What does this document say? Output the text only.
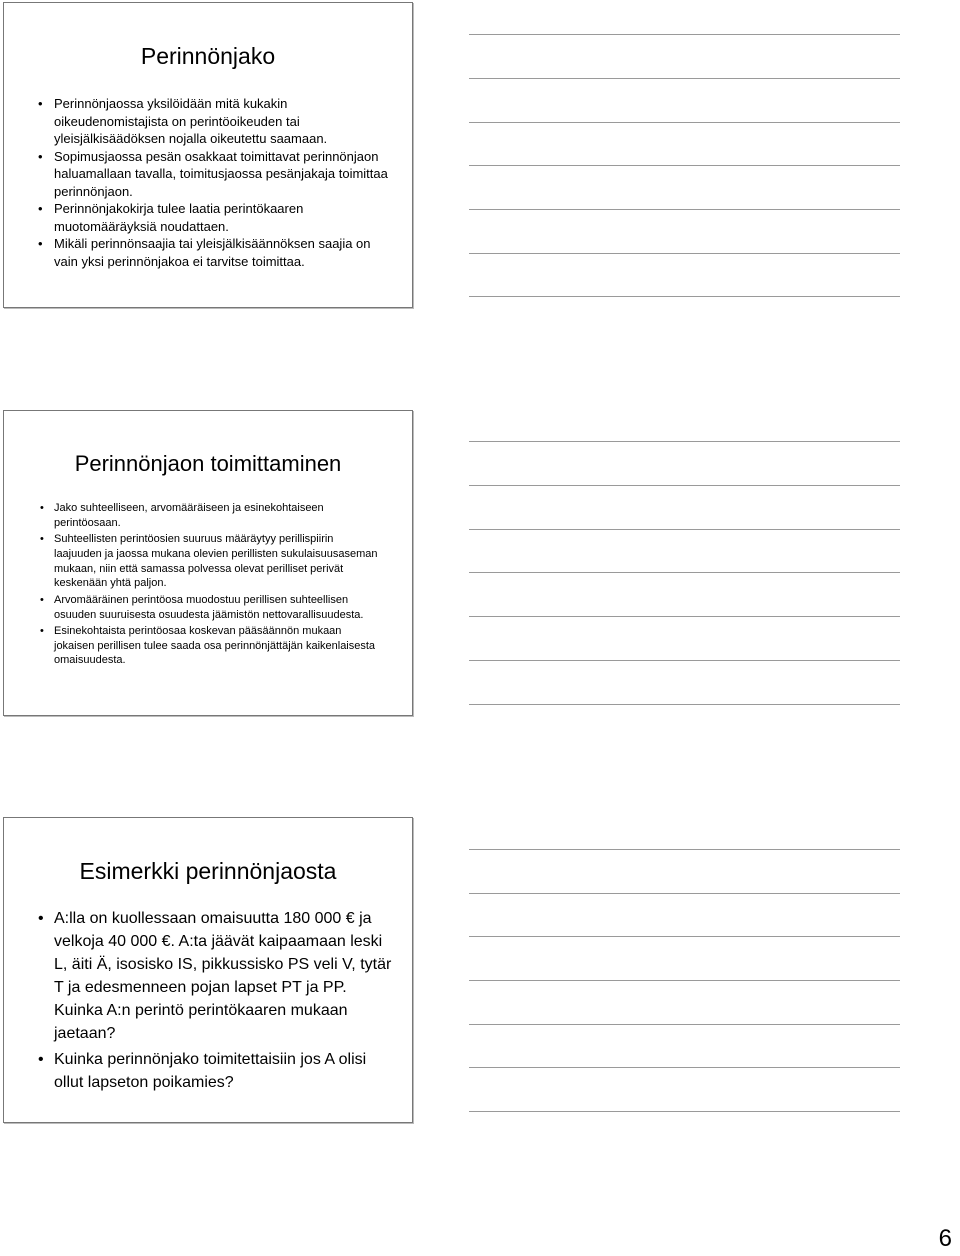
Perinnönjako
• Perinnönjaossa yksilöidään mitä kukakin oikeudenomistajista on perintöoikeuden tai yleisjälkisäädöksen nojalla oikeutettu saamaan.
• Sopimusjaossa pesän osakkaat toimittavat perinnönjaon haluamallaan tavalla, toimitusjaossa pesänjakaja toimittaa perinnönjaon.
• Perinnönjakokirja tulee laatia perintökaaren muotomääräyksiä noudattaen.
• Mikäli perinnönsaajia tai yleisjälkisäännöksen saajia on vain yksi perinnönjakoa ei tarvitse toimittaa.
Perinnönjaon toimittaminen
• Jako suhteelliseen, arvomääräiseen ja esinekohtaiseen perintöosaan.
• Suhteellisten perintöosien suuruus määräytyy perillispiirin laajuuden ja jaossa mukana olevien perillisten sukulaisuusaseman mukaan, niin että samassa polvessa olevat perilliset perivät keskenään yhtä paljon.
• Arvomääräinen perintöosa muodostuu perillisen suhteellisen osuuden suuruisesta osuudesta jäämistön nettovarallisuudesta.
• Esinekohtaista perintöosaa koskevan pääsäännön mukaan jokaisen perillisen tulee saada osa perinnönjättäjän kaikenlaisesta omaisuudesta.
Esimerkki perinnönjaosta
• A:lla on kuollessaan omaisuutta 180 000 € ja velkoja 40 000 €. A:ta jäävät kaipaamaan leski L, äiti Ä, isosisko IS, pikkussisko PS veli V, tytär T ja edesmenneen pojan lapset PT ja PP. Kuinka A:n perintö perintökaaren mukaan jaetaan?
• Kuinka perinnönjako toimitettaisiin jos A olisi ollut lapseton poikamies?
6
